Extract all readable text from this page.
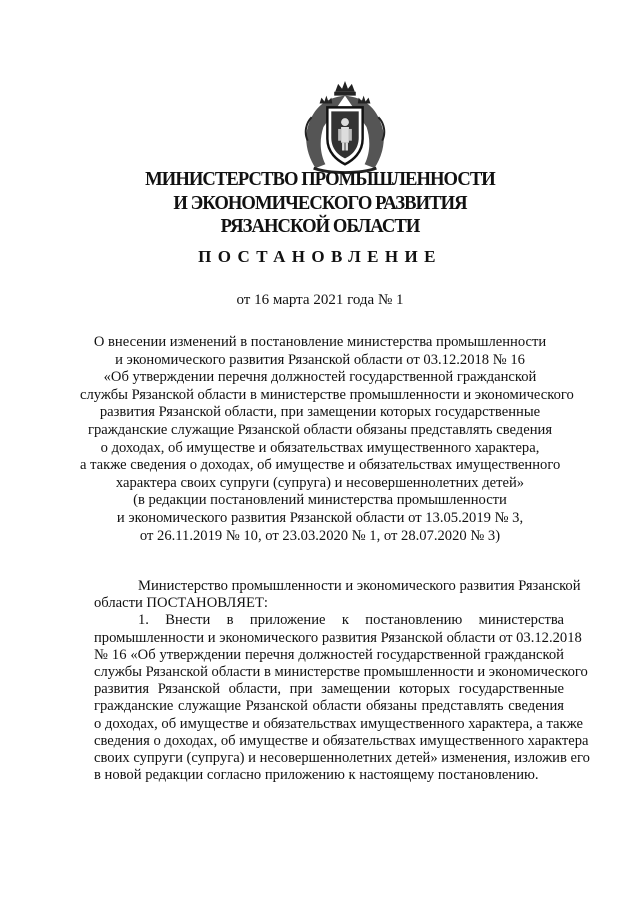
МИНИСТЕРСТВО ПРОМЫШЛЕННОСТИ
И ЭКОНОМИЧЕСКОГО РАЗВИТИЯ
РЯЗАНСКОЙ ОБЛАСТИ
ПОСТАНОВЛЕНИЕ
от 16 марта 2021 года № 1
О внесении изменений в постановление министерства промышленности
и экономического развития Рязанской области от 03.12.2018 № 16
«Об утверждении перечня должностей государственной гражданской
службы Рязанской области в министерстве промышленности и экономического
развития Рязанской области, при замещении которых государственные
гражданские служащие Рязанской области обязаны представлять сведения
о доходах, об имуществе и обязательствах имущественного характера,
а также сведения о доходах, об имуществе и обязательствах имущественного
характера своих супруги (супруга) и несовершеннолетних детей»
(в редакции постановлений министерства промышленности
и экономического развития Рязанской области от 13.05.2019 № 3,
от 26.11.2019 № 10, от 23.03.2020 № 1, от 28.07.2020 № 3)
Министерство промышленности и экономического развития Рязанской
области ПОСТАНОВЛЯЕТ:
1. Внести в приложение к постановлению министерства
промышленности и экономического развития Рязанской области от 03.12.2018
№ 16 «Об утверждении перечня должностей государственной гражданской
службы Рязанской области в министерстве промышленности и экономического
развития Рязанской области, при замещении которых государственные
гражданские служащие Рязанской области обязаны представлять сведения
о доходах, об имуществе и обязательствах имущественного характера, а также
сведения о доходах, об имуществе и обязательствах имущественного характера
своих супруги (супруга) и несовершеннолетних детей» изменения, изложив его
в новой редакции согласно приложению к настоящему постановлению.
